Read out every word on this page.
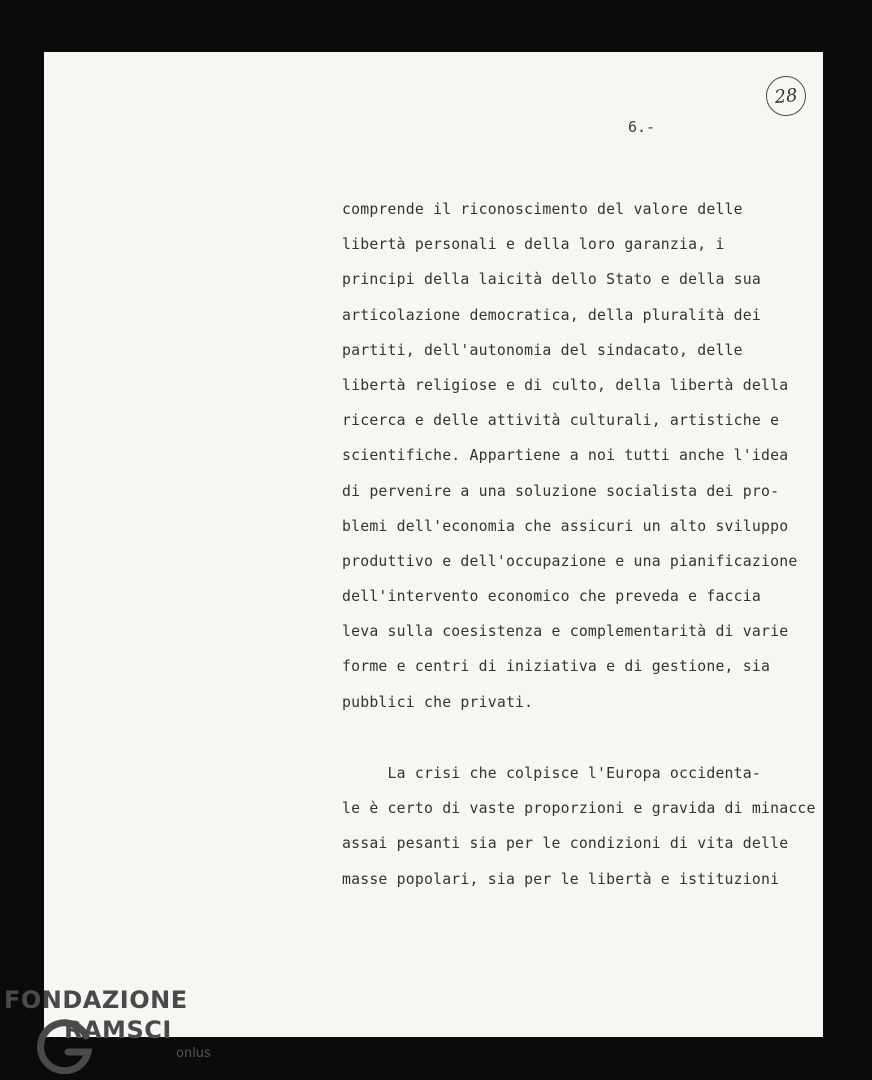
6.-

28
comprende il riconoscimento del valore delle
libertà personali e della loro garanzia, i
principi della laicità dello Stato e della sua
articolazione democratica, della pluralità dei
partiti, dell'autonomia del sindacato, delle
libertà religiose e di culto, della libertà della
ricerca e delle attività culturali, artistiche e
scientifiche. Appartiene a noi tutti anche l'idea
di pervenire a una soluzione socialista dei pro-
blemi dell'economia che assicuri un alto sviluppo
produttivo e dell'occupazione e una pianificazione
dell'intervento economico che preveda e faccia
leva sulla coesistenza e complementarità di varie
forme e centri di iniziativa e di gestione, sia
pubblici che privati.
La crisi che colpisce l'Europa occidenta-
le è certo di vaste proporzioni e gravida di minacce
assai pesanti sia per le condizioni di vita delle
masse popolari, sia per le libertà e istituzioni
FONDAZIONE
RAMSCI
onlus
